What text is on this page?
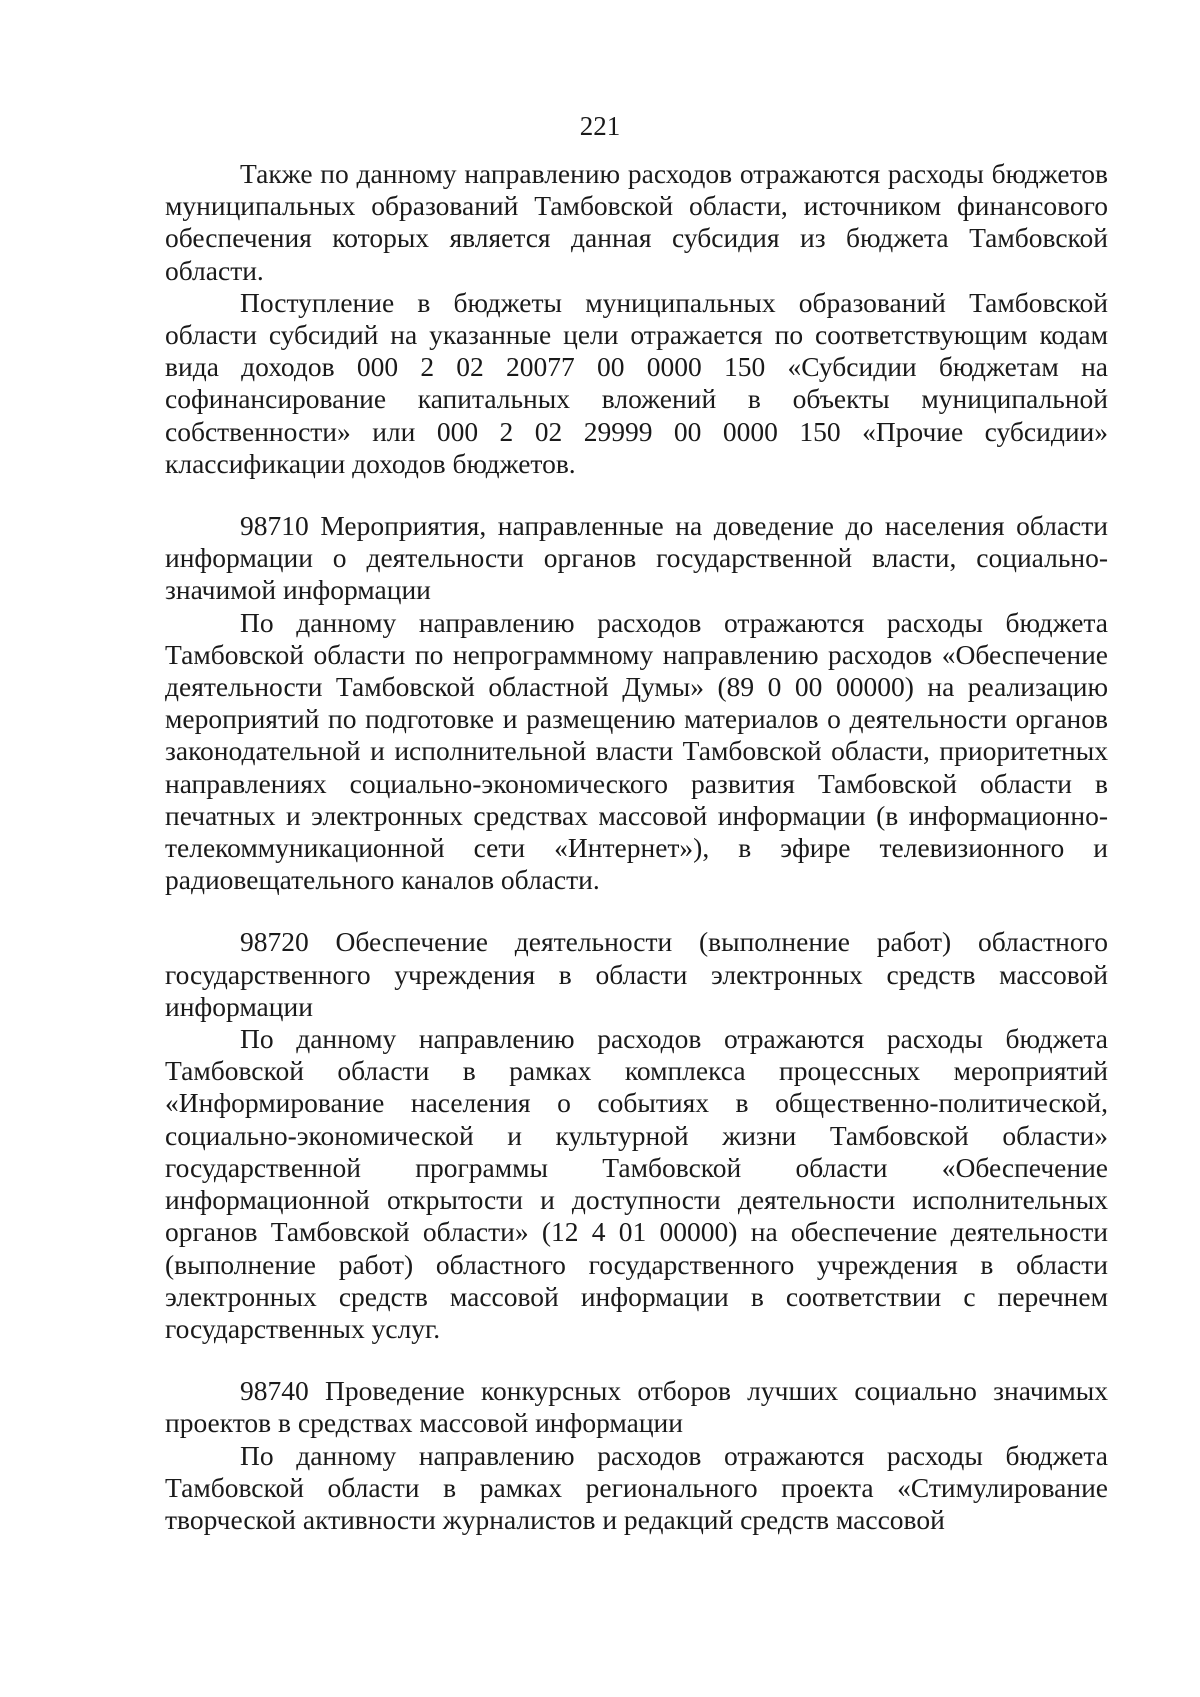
221

Также по данному направлению расходов отражаются расходы бюджетов муниципальных образований Тамбовской области, источником финансового обеспечения которых является данная субсидия из бюджета Тамбовской области.

Поступление в бюджеты муниципальных образований Тамбовской области субсидий на указанные цели отражается по соответствующим кодам вида доходов 000 2 02 20077 00 0000 150 «Субсидии бюджетам на софинансирование капитальных вложений в объекты муниципальной собственности» или 000 2 02 29999 00 0000 150 «Прочие субсидии» классификации доходов бюджетов.

98710 Мероприятия, направленные на доведение до населения области информации о деятельности органов государственной власти, социально-значимой информации

По данному направлению расходов отражаются расходы бюджета Тамбовской области по непрограммному направлению расходов «Обеспечение деятельности Тамбовской областной Думы» (89 0 00 00000) на реализацию мероприятий по подготовке и размещению материалов о деятельности органов законодательной и исполнительной власти Тамбовской области, приоритетных направлениях социально-экономического развития Тамбовской области в печатных и электронных средствах массовой информации (в информационно-телекоммуникационной сети «Интернет»), в эфире телевизионного и радиовещательного каналов области.

98720 Обеспечение деятельности (выполнение работ) областного государственного учреждения в области электронных средств массовой информации

По данному направлению расходов отражаются расходы бюджета Тамбовской области в рамках комплекса процессных мероприятий «Информирование населения о событиях в общественно-политической, социально-экономической и культурной жизни Тамбовской области» государственной программы Тамбовской области «Обеспечение информационной открытости и доступности деятельности исполнительных органов Тамбовской области» (12 4 01 00000) на обеспечение деятельности (выполнение работ) областного государственного учреждения в области электронных средств массовой информации в соответствии с перечнем государственных услуг.

98740 Проведение конкурсных отборов лучших социально значимых проектов в средствах массовой информации

По данному направлению расходов отражаются расходы бюджета Тамбовской области в рамках регионального проекта «Стимулирование творческой активности журналистов и редакций средств массовой
